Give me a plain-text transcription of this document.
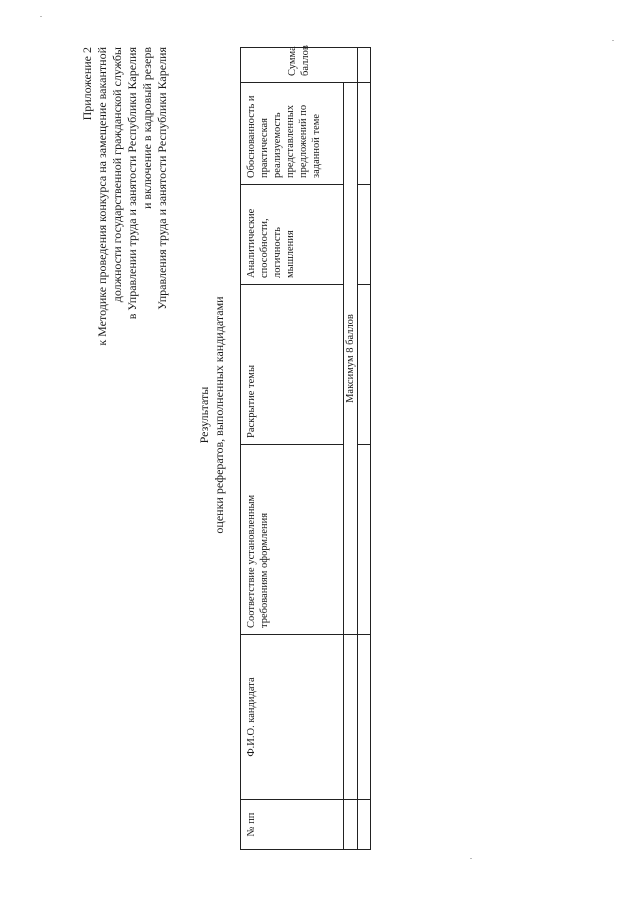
Приложение 2 к Методике проведения конкурса на замещение вакантной должности государственной гражданской службы в Управлении труда и занятости Республики Карелия и включение в кадровый резерв Управления труда и занятости Республики Карелия
Результаты оценки рефератов, выполненных кандидатами
№ пп	Ф.И.О. кандидата	Соответствие установленным требованиям оформления	Раскрытие темы	Аналитические способности, логичность мышления	Обоснованность и практическая реализуемость представленных предложений по заданной теме	Сумма баллов
		Максимум 8 баллов				
